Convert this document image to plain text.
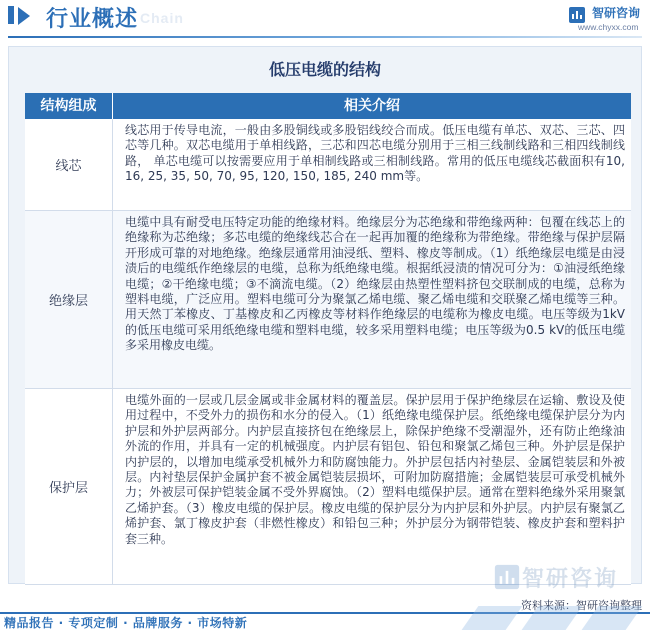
行业概述 Chain	智研咨询
www.chyxx.com
低压电缆的结构
结构组成	相关介绍
线芯
线芯用于传导电流，一般由多股铜线或多股铝线绞合而成。低压电缆有单芯、双芯、三芯、四芯等几种。双芯电缆用于单相线路，三芯和四芯电缆分别用于三相三线制线路和三相四线制线路， 单芯电缆可以按需要应用于单相制线路或三相制线路。常用的低压电缆线芯截面积有10, 16, 25, 35, 50, 70, 95, 120, 150, 185, 240 mm等。
绝缘层
电缆中具有耐受电压特定功能的绝缘材料。绝缘层分为芯绝缘和带绝缘两种：包覆在线芯上的绝缘称为芯绝缘；多芯电缆的绝缘线芯合在一起再加覆的绝缘称为带绝缘。带绝缘与保护层隔开形成可靠的对地绝缘。绝缘层通常用油浸纸、塑料、橡皮等制成。（1）纸绝缘层电缆是由浸渍后的电缆纸作绝缘层的电缆，总称为纸绝缘电缆。根据纸浸渍的情况可分为：①油浸纸绝缘电缆；②干绝缘电缆；③不滴流电缆。（2）绝缘层由热塑性塑料挤包交联制成的电缆，总称为塑料电缆，广泛应用。塑料电缆可分为聚氯乙烯电缆、聚乙烯电缆和交联聚乙烯电缆等三种。用天然丁苯橡皮、丁基橡皮和乙丙橡皮等材料作绝缘层的电缆称为橡皮电缆。电压等级为1kV的低压电缆可采用纸绝缘电缆和塑料电缆，较多采用塑料电缆；电压等级为0.5 kV的低压电缆多采用橡皮电缆。
保护层
电缆外面的一层或几层金属或非金属材料的覆盖层。保护层用于保护绝缘层在运输、敷设及使用过程中，不受外力的损伤和水分的侵入。（1）纸绝缘电缆保护层。纸绝缘电缆保护层分为内护层和外护层两部分。内护层直接挤包在绝缘层上，除保护绝缘不受潮湿外，还有防止绝缘油外流的作用，并具有一定的机械强度。内护层有铝包、铅包和聚氯乙烯包三种。外护层是保护内护层的，以增加电缆承受机械外力和防腐蚀能力。外护层包括内衬垫层、金属铠装层和外被层。内衬垫层保护金属护套不被金属铠装层损坏，可附加防腐措施；金属铠装层可承受机械外力；外被层可保护铠装金属不受外界腐蚀。（2）塑料电缆保护层。通常在塑料绝缘外采用聚氯乙烯护套。（3）橡皮电缆的保护层。橡皮电缆的保护层分为内护层和外护层。内护层有聚氯乙烯护套、氯丁橡皮护套（非燃性橡皮）和铅包三种；外护层分为钢带铠装、橡皮护套和塑料护套三种。
智研咨询
资料来源：智研咨询整理
精品报告 · 专项定制 · 品牌服务 · 市场特新
